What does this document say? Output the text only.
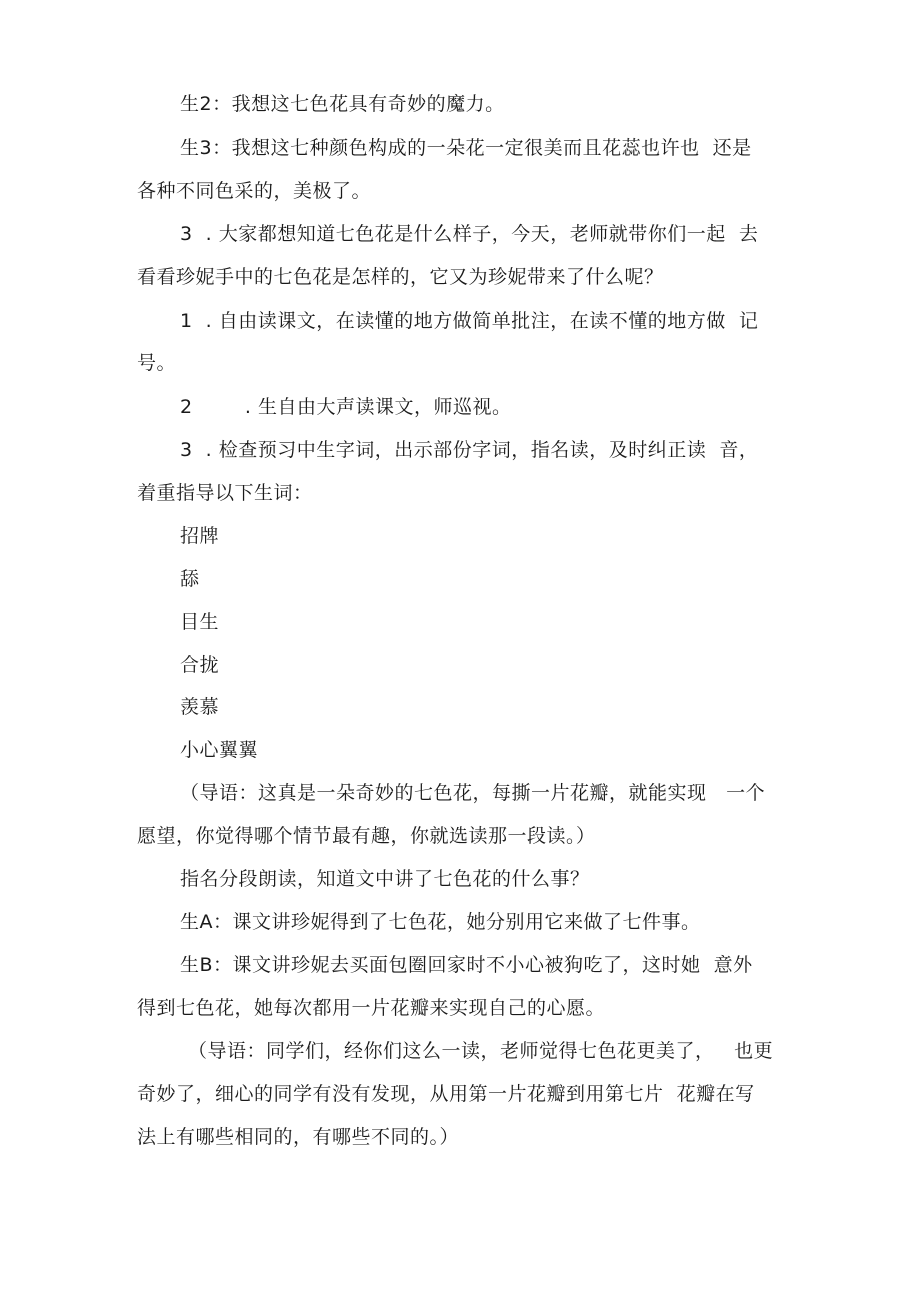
生2：我想这七色花具有奇妙的魔力。
生3：我想这七种颜色构成的一朵花一定很美而且花蕊也许也  还是
各种不同色采的，美极了。
3  . 大家都想知道七色花是什么样子，今天，老师就带你们一起  去
看看珍妮手中的七色花是怎样的，它又为珍妮带来了什么呢？
1  . 自由读课文，在读懂的地方做简单批注，在读不懂的地方做  记
号。
2        . 生自由大声读课文，师巡视。
3  . 检查预习中生字词，出示部份字词，指名读，及时纠正读  音，
着重指导以下生词：
招牌
舔
目生
合拢
羡慕
小心翼翼
（导语：这真是一朵奇妙的七色花，每撕一片花瓣，就能实现   一个
愿望，你觉得哪个情节最有趣，你就选读那一段读。）
指名分段朗读，知道文中讲了七色花的什么事？
生A：课文讲珍妮得到了七色花，她分别用它来做了七件事。
生B：课文讲珍妮去买面包圈回家时不小心被狗吃了，这时她  意外
得到七色花，她每次都用一片花瓣来实现自己的心愿。
（导语：同学们，经你们这么一读，老师觉得七色花更美了，   也更
奇妙了，细心的同学有没有发现，从用第一片花瓣到用第七片  花瓣在写
法上有哪些相同的，有哪些不同的。）
